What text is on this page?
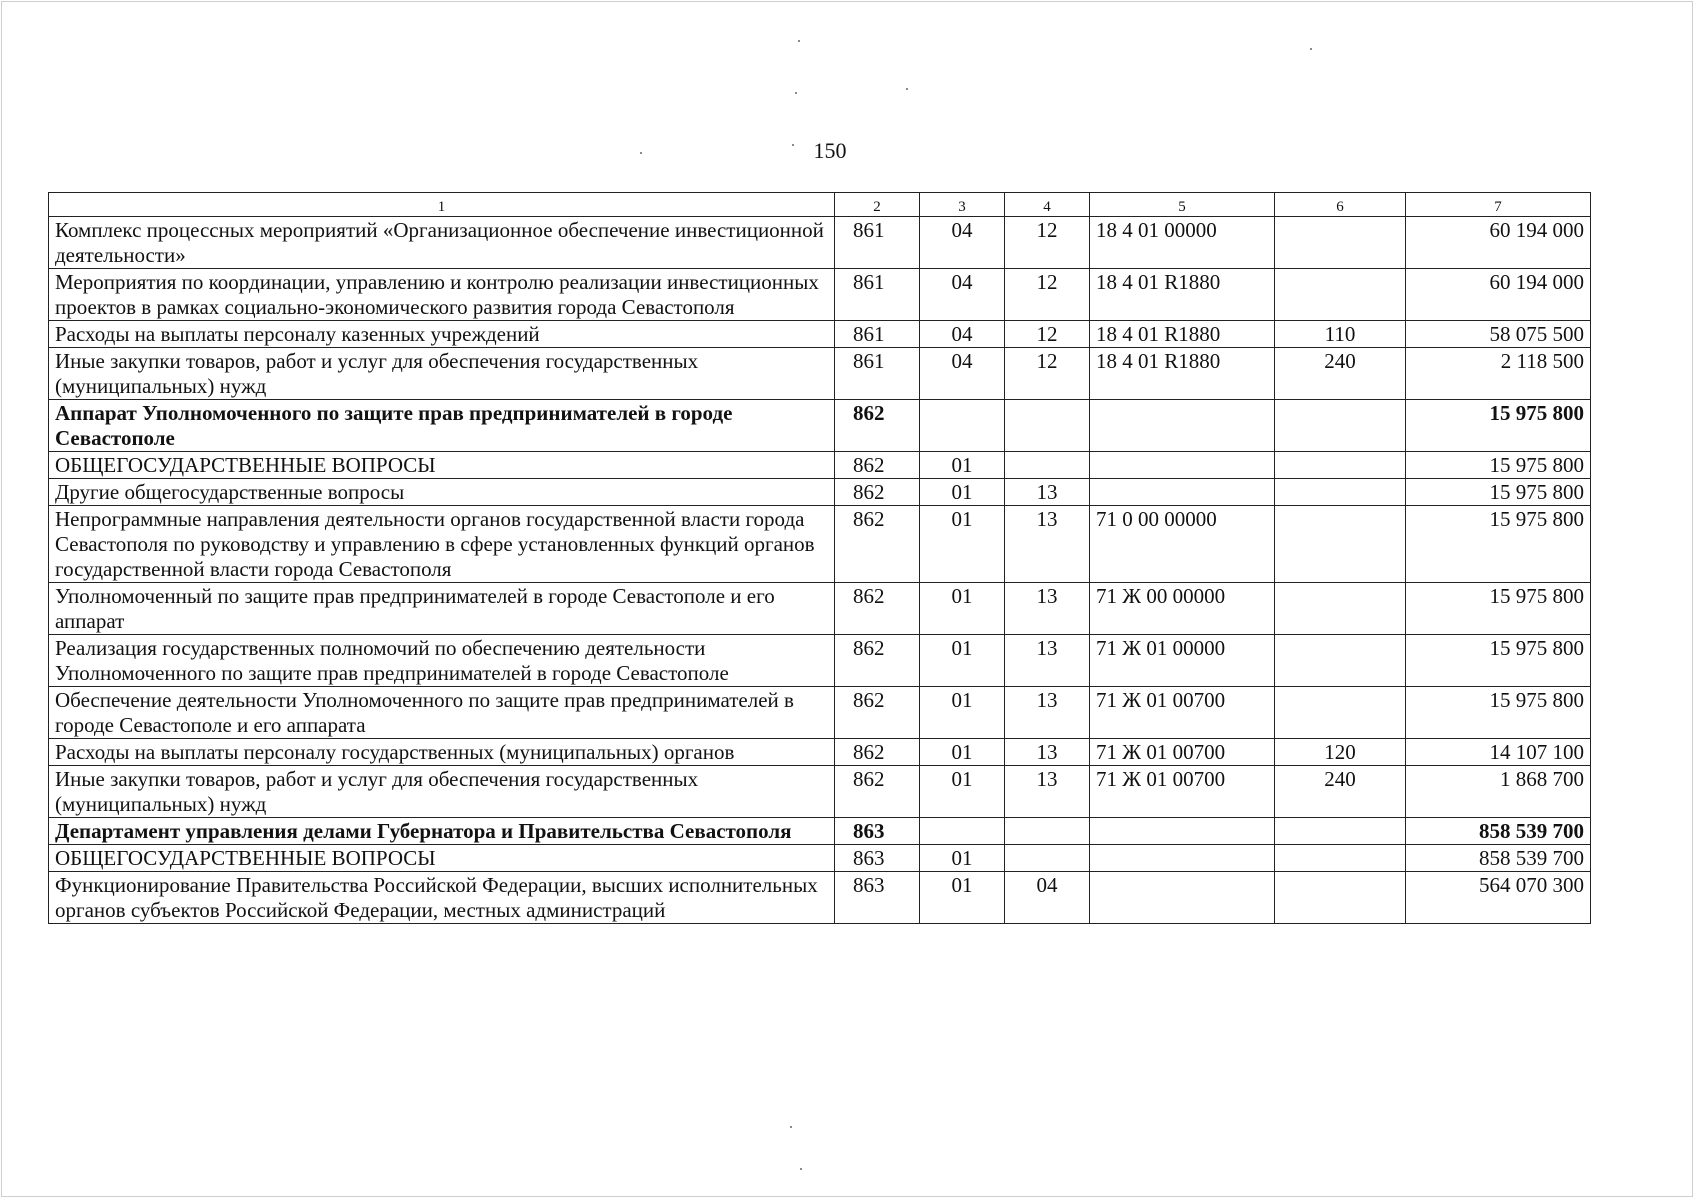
150
1	2	3	4	5	6	7
Комплекс процессных мероприятий «Организационное обеспечение инвестиционной деятельности»	861	04	12	18 4 01 00000		60 194 000
Мероприятия по координации, управлению и контролю реализации инвестиционных проектов в рамках социально-экономического развития города Севастополя	861	04	12	18 4 01 R1880		60 194 000
Расходы на выплаты персоналу казенных учреждений	861	04	12	18 4 01 R1880	110	58 075 500
Иные закупки товаров, работ и услуг для обеспечения государственных (муниципальных) нужд	861	04	12	18 4 01 R1880	240	2 118 500
Аппарат Уполномоченного по защите прав предпринимателей в городе Севастополе	862					15 975 800
ОБЩЕГОСУДАРСТВЕННЫЕ ВОПРОСЫ	862	01				15 975 800
Другие общегосударственные вопросы	862	01	13			15 975 800
Непрограммные направления деятельности органов государственной власти города Севастополя по руководству и управлению в сфере установленных функций органов государственной власти города Севастополя	862	01	13	71 0 00 00000		15 975 800
Уполномоченный по защите прав предпринимателей в городе Севастополе и его аппарат	862	01	13	71 Ж 00 00000		15 975 800
Реализация государственных полномочий по обеспечению деятельности Уполномоченного по защите прав предпринимателей в городе Севастополе	862	01	13	71 Ж 01 00000		15 975 800
Обеспечение деятельности Уполномоченного по защите прав предпринимателей в городе Севастополе и его аппарата	862	01	13	71 Ж 01 00700		15 975 800
Расходы на выплаты персоналу государственных (муниципальных) органов	862	01	13	71 Ж 01 00700	120	14 107 100
Иные закупки товаров, работ и услуг для обеспечения государственных (муниципальных) нужд	862	01	13	71 Ж 01 00700	240	1 868 700
Департамент управления делами Губернатора и Правительства Севастополя	863					858 539 700
ОБЩЕГОСУДАРСТВЕННЫЕ ВОПРОСЫ	863	01				858 539 700
Функционирование Правительства Российской Федерации, высших исполнительных органов субъектов Российской Федерации, местных администраций	863	01	04			564 070 300
